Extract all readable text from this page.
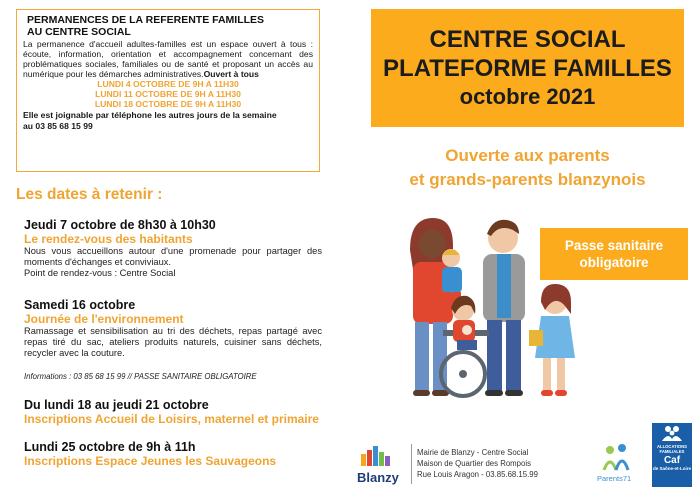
PERMANENCES DE LA REFERENTE FAMILLES
AU CENTRE SOCIAL
La permanence d'accueil adultes-familles est un espace ouvert à tous : écoute, information, orientation et accompagnement concernant des problématiques sociales, familiales ou de santé et proposant un accès au numérique pour les démarches administratives.Ouvert à tous
LUNDI 4 OCTOBRE DE 9H A 11H30
LUNDI 11 OCTOBRE DE 9H A 11H30
LUNDI 18 OCTOBRE DE 9H A 11H30
Elle est joignable par téléphone les autres jours de la semaine
au 03 85 68 15 99
Les dates à retenir :
Jeudi 7 octobre de 8h30 à 10h30
Le rendez-vous des habitants
Nous vous accueillons autour d'une promenade pour partager des moments d'échanges et conviviaux.
Point de rendez-vous : Centre Social
Samedi 16 octobre
Journée de l'environnement
Ramassage et sensibilisation au tri des déchets, repas partagé avec repas tiré du sac, ateliers produits naturels, cuisiner sans déchets, recycler avec la couture.
Informations : 03 85 68 15 99 // PASSE SANITAIRE OBLIGATOIRE
Du lundi 18 au jeudi 21 octobre
Inscriptions Accueil de Loisirs, maternel et primaire
Lundi 25 octobre de 9h à 11h
Inscriptions Espace Jeunes les Sauvageons
CENTRE SOCIAL
PLATEFORME FAMILLES
octobre 2021
Ouverte aux parents
et grands-parents blanzynois
Passe sanitaire
obligatoire
Blanzy
Mairie de Blanzy - Centre Social
Maison de Quartier des Rompois
Rue Louis Aragon - 03.85.68.15.99	Parents71
ALLOCATIONS FAMILIALES
Caf
de Saône-et-Loire
